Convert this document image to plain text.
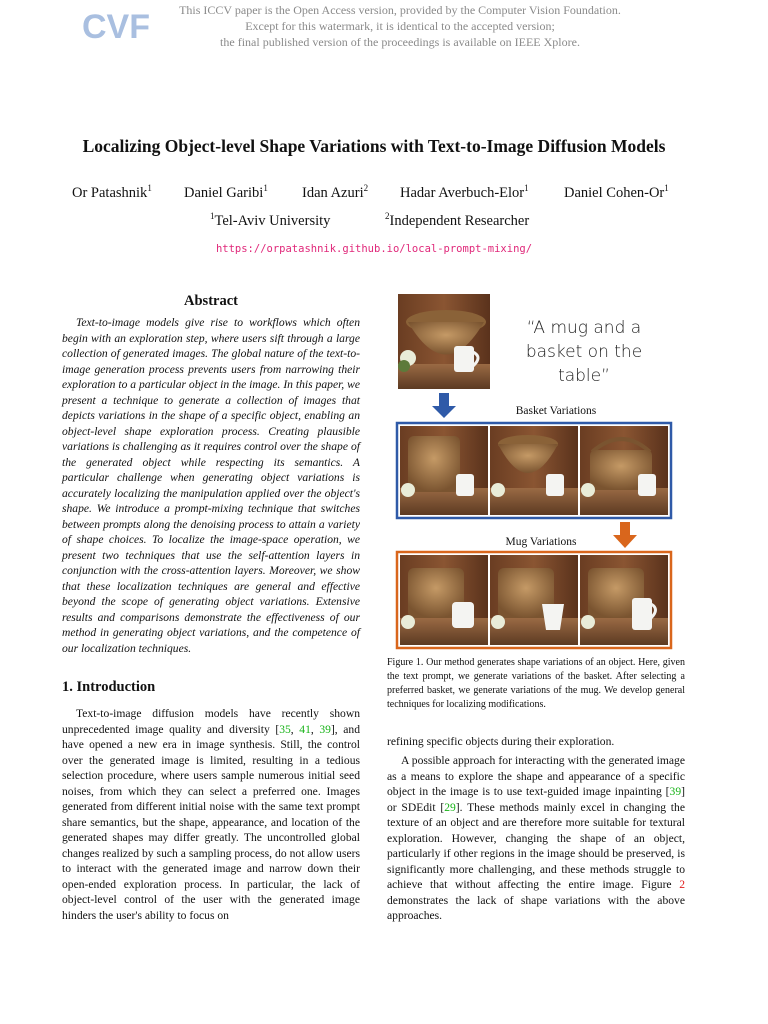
CVF	This ICCV paper is the Open Access version, provided by the Computer Vision Foundation.
Except for this watermark, it is identical to the accepted version;
the final published version of the proceedings is available on IEEE Xplore.
Localizing Object-level Shape Variations with Text-to-Image Diffusion Models
Or Patashnik$^1$ Daniel Garibi$^1$ Idan Azuri$^2$ Hadar Averbuch-Elor$^1$ Daniel Cohen-Or$^1$
$^1$Tel-Aviv University	$^2$Independent Researcher
https://orpatashnik.github.io/local-prompt-mixing/
Abstract

Text-to-image models give rise to workflows which often begin with an exploration step, where users sift through a large collection of generated images. The global nature of the text-to-image generation process prevents users from narrowing their exploration to a particular object in the image. In this paper, we present a technique to generate a collection of images that depicts variations in the shape of a specific object, enabling an object-level shape exploration process. Creating plausible variations is challenging as it requires control over the shape of the generated object while respecting its semantics. A particular challenge when generating object variations is accurately localizing the manipulation applied over the object's shape. We introduce a prompt-mixing technique that switches between prompts along the denoising process to attain a variety of shape choices. To localize the image-space operation, we present two techniques that use the self-attention layers in conjunction with the cross-attention layers. Moreover, we show that these localization techniques are general and effective beyond the scope of generating object variations. Extensive results and comparisons demonstrate the effectiveness of our method in generating object variations, and the competence of our localization techniques.

1. Introduction

Text-to-image diffusion models have recently shown unprecedented image quality and diversity [35, 41, 39], and have opened a new era in image synthesis. Still, the control over the generated image is limited, resulting in a tedious selection procedure, where users sample numerous initial seed noises, from which they can select a preferred one. Images generated from different initial noise with the same text prompt share semantics, but the shape, appearance, and location of the generated shapes may differ greatly. The uncontrolled global changes realized by such a sampling process, do not allow users to interact with the generated image and narrow down their open-ended exploration process. In particular, the lack of object-level control of the user with the generated image hinders the user's ability to focus on

“A mug and a basket on the table”
Basket Variations
Mug Variations

Figure 1. Our method generates shape variations of an object. Here, given the text prompt, we generate variations of the basket. After selecting a preferred basket, we generate variations of the mug. We develop general techniques for localizing modifications.

refining specific objects during their exploration.

A possible approach for interacting with the generated image as a means to explore the shape and appearance of a specific object in the image is to use text-guided image inpainting [39] or SDEdit [29]. These methods mainly excel in changing the texture of an object and are therefore more suitable for textural exploration. However, changing the shape of an object, particularly if other regions in the image should be preserved, is significantly more challenging, and these methods struggle to achieve that without affecting the entire image. Figure 2 demonstrates the lack of shape variations with the above approaches.
